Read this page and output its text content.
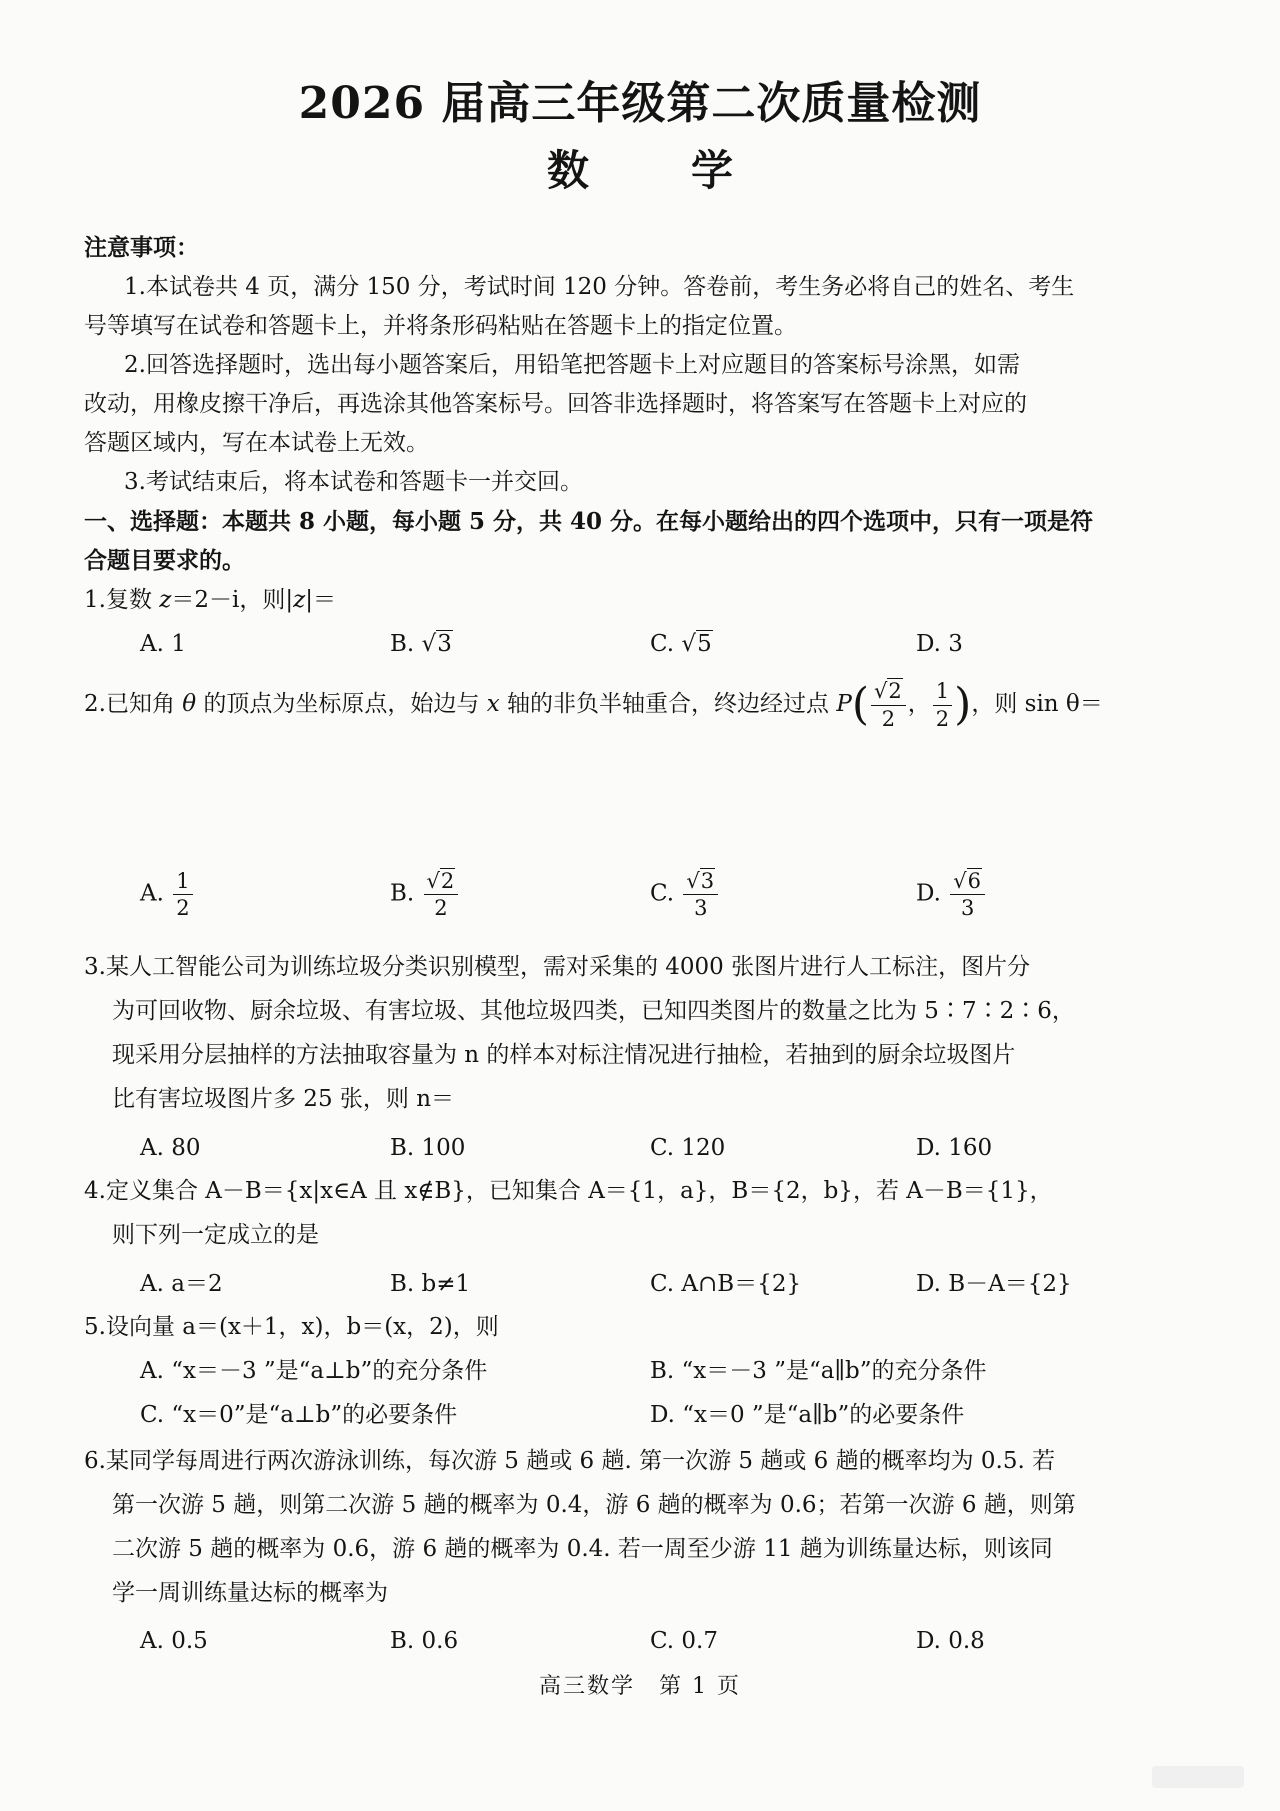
2026 届高三年级第二次质量检测
数　学
注意事项：
1.本试卷共 4 页，满分 150 分，考试时间 120 分钟。答卷前，考生务必将自己的姓名、考生
号等填写在试卷和答题卡上，并将条形码粘贴在答题卡上的指定位置。
2.回答选择题时，选出每小题答案后，用铅笔把答题卡上对应题目的答案标号涂黑，如需
改动，用橡皮擦干净后，再选涂其他答案标号。回答非选择题时，将答案写在答题卡上对应的
答题区域内，写在本试卷上无效。
3.考试结束后，将本试卷和答题卡一并交回。
一、选择题：本题共 8 小题，每小题 5 分，共 40 分。在每小题给出的四个选项中，只有一项是符
合题目要求的。
1.复数 z＝2－i，则|z|＝
A. 1	B. √3	C. √5	D. 3
2.已知角 θ 的顶点为坐标原点，始边与 x 轴的非负半轴重合，终边经过点 $P( \frac{√2}{2}$ ， $\frac{1}{2}$ )，则 sin θ＝
A. $\frac{1}{2}$	B. $\frac{√2}{2}$	C. $\frac{√3}{3}$	D. $\frac{√6}{3}$
3.某人工智能公司为训练垃圾分类识别模型，需对采集的 4000 张图片进行人工标注，图片分
为可回收物、厨余垃圾、有害垃圾、其他垃圾四类，已知四类图片的数量之比为 5∶7∶2∶6，
现采用分层抽样的方法抽取容量为 n 的样本对标注情况进行抽检，若抽到的厨余垃圾图片
比有害垃圾图片多 25 张，则 n＝
A. 80	B. 100	C. 120	D. 160
4.定义集合 A－B＝{x|x∈A 且 x∉B}，已知集合 A＝{1，a}，B＝{2，b}，若 A－B＝{1}，
则下列一定成立的是
A. a＝2	B. b≠1	C. A∩B＝{2}	D. B－A＝{2}
5.设向量 a＝(x＋1，x)，b＝(x，2)，则
A. “x＝－3 ”是“a⊥b”的充分条件	B. “x＝－3 ”是“a∥b”的充分条件
C. “x＝0”是“a⊥b”的必要条件	D. “x＝0 ”是“a∥b”的必要条件
6.某同学每周进行两次游泳训练，每次游 5 趟或 6 趟. 第一次游 5 趟或 6 趟的概率均为 0.5. 若
第一次游 5 趟，则第二次游 5 趟的概率为 0.4，游 6 趟的概率为 0.6；若第一次游 6 趟，则第
二次游 5 趟的概率为 0.6，游 6 趟的概率为 0.4. 若一周至少游 11 趟为训练量达标，则该同
学一周训练量达标的概率为
A. 0.5	B. 0.6	C. 0.7	D. 0.8
高三数学　第 1 页
